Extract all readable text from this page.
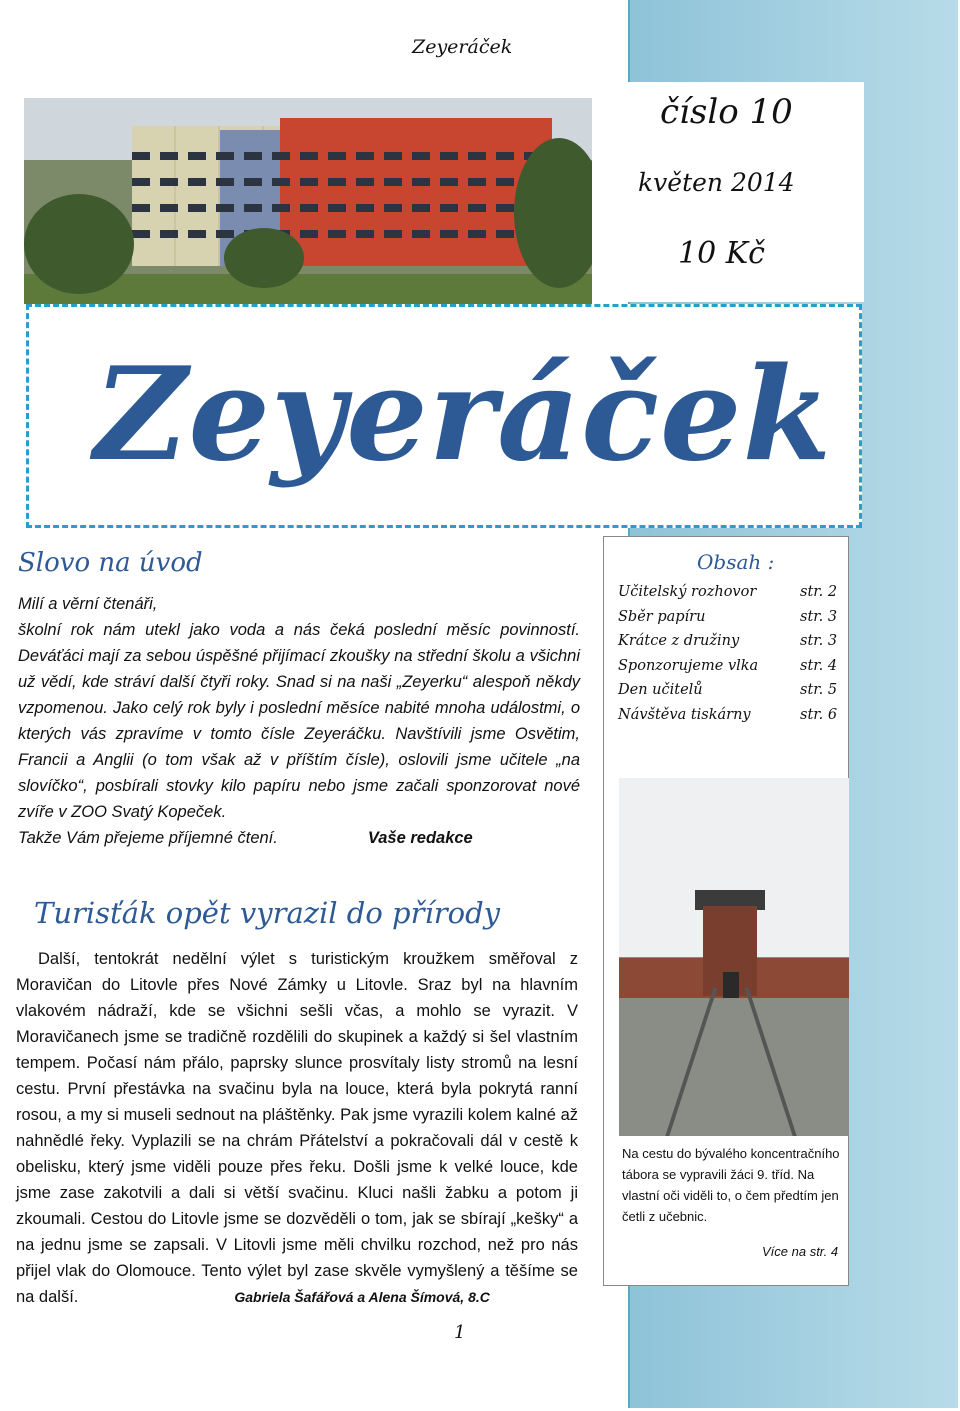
Zeyeráček
číslo 10
květen 2014
10 Kč
Zeyeráček
Slovo na úvod

Milí a věrní čtenáři,

školní rok nám utekl jako voda a nás čeká poslední měsíc povinností. Deváťáci mají za sebou úspěšné přijímací zkoušky na střední školu a všichni už vědí, kde stráví další čtyři roky. Snad si na naši „Zeyerku“ alespoň někdy vzpomenou. Jako celý rok byly i poslední měsíce nabité mnoha událostmi, o kterých vás zpravíme v tomto čísle Zeyeráčku. Navštívili jsme Osvětim, Francii a Anglii (o tom však až v příštím čísle), oslovili jsme učitele „na slovíčko“, posbírali stovky kilo papíru nebo jsme začali sponzorovat nové zvíře v ZOO Svatý Kopeček.

Takže Vám přejeme příjemné čtení.	Vaše redakce

Obsah :
Učitelský rozhovor	str. 2
Sběr papíru	str. 3
Krátce z družiny	str. 3
Sponzorujeme vlka	str. 4
Den učitelů	str. 5
Návštěva tiskárny	str. 6
Na cestu do bývalého koncentračního tábora se vypravili žáci 9. tříd. Na vlastní oči viděli to, o čem předtím jen četli z učebnic.
Více na str. 4
Turisťák opět vyrazil do přírody
Další, tentokrát nedělní výlet s turistickým kroužkem směřoval z Moravičan do Litovle přes Nové Zámky u Litovle. Sraz byl na hlavním vlakovém nádraží, kde se všichni sešli včas, a mohlo se vyrazit. V Moravičanech jsme se tradičně rozdělili do skupinek a každý si šel vlastním tempem. Počasí nám přálo, paprsky slunce prosvítaly listy stromů na lesní cestu. První přestávka na svačinu byla na louce, která byla pokrytá ranní rosou, a my si museli sednout na pláštěnky. Pak jsme vyrazili kolem kalné až nahnědlé řeky. Vyplazili se na chrám Přátelství a pokračovali dál v cestě k obelisku, který jsme viděli pouze přes řeku. Došli jsme k velké louce, kde jsme zase zakotvili a dali si větší svačinu. Kluci našli žabku a potom ji zkoumali. Cestou do Litovle jsme se dozvěděli o tom, jak se sbírají „kešky“ a na jednu jsme se zapsali. V Litovli jsme měli chvilku rozchod, než pro nás přijel vlak do Olomouce. Tento výlet byl zase skvěle vymyšlený a těšíme se na další.	Gabriela Šafářová a Alena Šímová, 8.C
1
